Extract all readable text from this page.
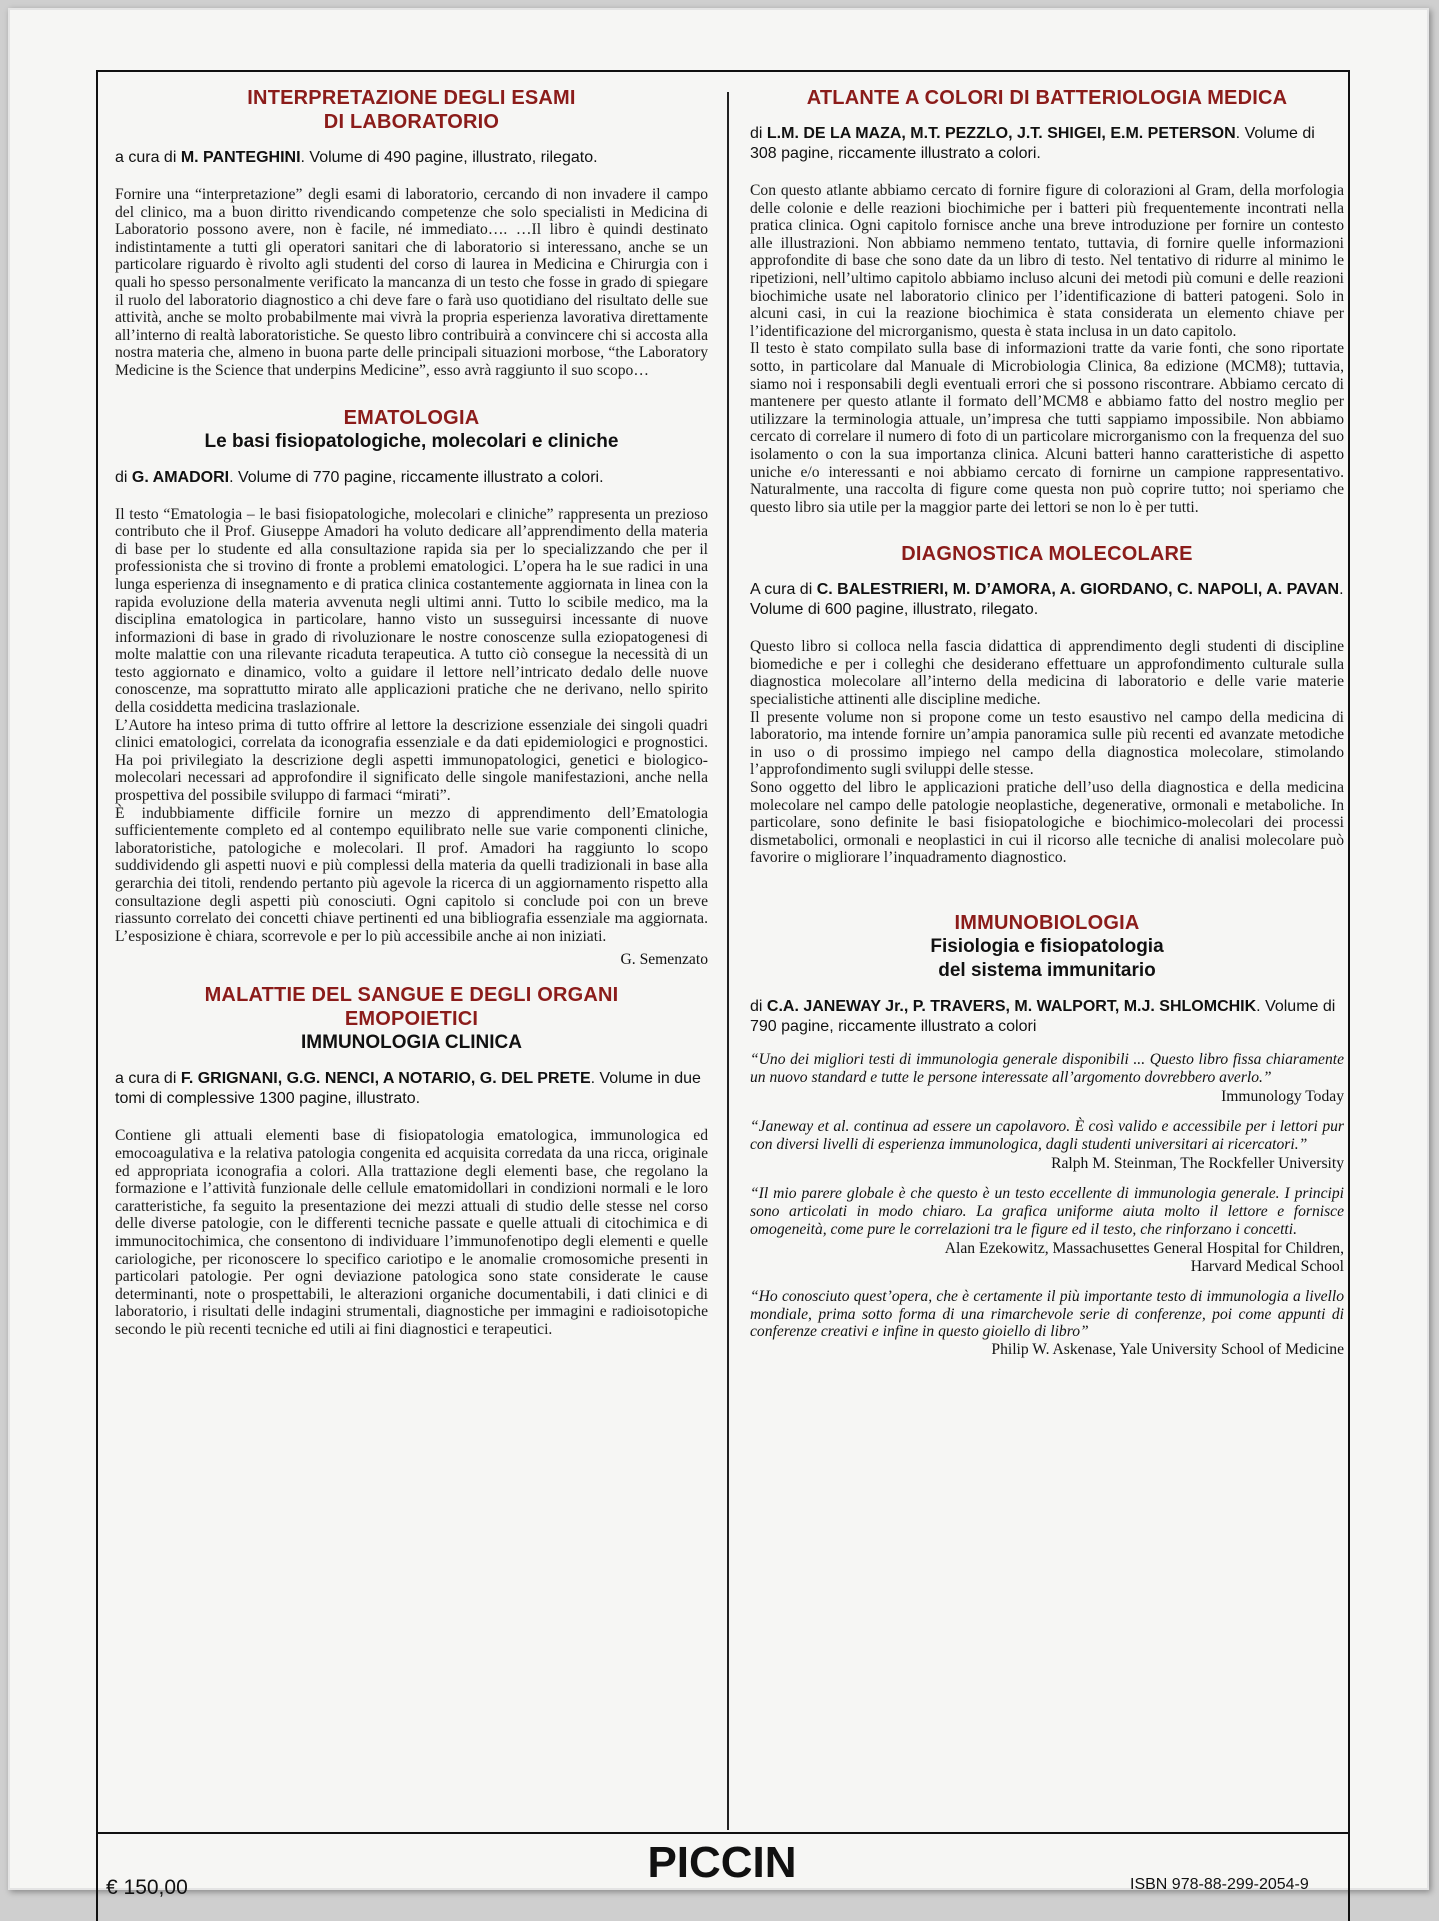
INTERPRETAZIONE DEGLI ESAMI
DI LABORATORIO
a cura di M. PANTEGHINI. Volume di 490 pagine, illustrato, rilegato.

Fornire una “interpretazione” degli esami di laboratorio, cercando di non invadere il campo del clinico, ma a buon diritto rivendicando competenze che solo specialisti in Medicina di Laboratorio possono avere, non è facile, né immediato…. …Il libro è quindi destinato indistintamente a tutti gli operatori sanitari che di laboratorio si interessano, anche se un particolare riguardo è rivolto agli studenti del corso di laurea in Medicina e Chirurgia con i quali ho spesso personalmente verificato la mancanza di un testo che fosse in grado di spiegare il ruolo del laboratorio diagnostico a chi deve fare o farà uso quotidiano del risultato delle sue attività, anche se molto probabilmente mai vivrà la propria esperienza lavorativa direttamente all’interno di realtà laboratoristiche. Se questo libro contribuirà a convincere chi si accosta alla nostra materia che, almeno in buona parte delle principali situazioni morbose, “the Laboratory Medicine is the Science that underpins Medicine”, esso avrà raggiunto il suo scopo…

EMATOLOGIA
Le basi fisiopatologiche, molecolari e cliniche
di G. AMADORI. Volume di 770 pagine, riccamente illustrato a colori.

Il testo “Ematologia – le basi fisiopatologiche, molecolari e cliniche” rappresenta un prezioso contributo che il Prof. Giuseppe Amadori ha voluto dedicare all’apprendimento della materia di base per lo studente ed alla consultazione rapida sia per lo specializzando che per il professionista che si trovino di fronte a problemi ematologici. L’opera ha le sue radici in una lunga esperienza di insegnamento e di pratica clinica costantemente aggiornata in linea con la rapida evoluzione della materia avvenuta negli ultimi anni. Tutto lo scibile medico, ma la disciplina ematologica in particolare, hanno visto un susseguirsi incessante di nuove informazioni di base in grado di rivoluzionare le nostre conoscenze sulla eziopatogenesi di molte malattie con una rilevante ricaduta terapeutica. A tutto ciò consegue la necessità di un testo aggiornato e dinamico, volto a guidare il lettore nell’intricato dedalo delle nuove conoscenze, ma soprattutto mirato alle applicazioni pratiche che ne derivano, nello spirito della cosiddetta medicina traslazionale.

L’Autore ha inteso prima di tutto offrire al lettore la descrizione essenziale dei singoli quadri clinici ematologici, correlata da iconografia essenziale e da dati epidemiologici e prognostici. Ha poi privilegiato la descrizione degli aspetti immunopatologici, genetici e biologico-molecolari necessari ad approfondire il significato delle singole manifestazioni, anche nella prospettiva del possibile sviluppo di farmaci “mirati”.

È indubbiamente difficile fornire un mezzo di apprendimento dell’Ematologia sufficientemente completo ed al contempo equilibrato nelle sue varie componenti cliniche, laboratoristiche, patologiche e molecolari. Il prof. Amadori ha raggiunto lo scopo suddividendo gli aspetti nuovi e più complessi della materia da quelli tradizionali in base alla gerarchia dei titoli, rendendo pertanto più agevole la ricerca di un aggiornamento rispetto alla consultazione degli aspetti più conosciuti. Ogni capitolo si conclude poi con un breve riassunto correlato dei concetti chiave pertinenti ed una bibliografia essenziale ma aggiornata. L’esposizione è chiara, scorrevole e per lo più accessibile anche ai non iniziati.

G. Semenzato

MALATTIE DEL SANGUE E DEGLI ORGANI
EMOPOIETICI
IMMUNOLOGIA CLINICA
a cura di F. GRIGNANI, G.G. NENCI, A NOTARIO, G. DEL PRETE. Volume in due tomi di complessive 1300 pagine, illustrato.

Contiene gli attuali elementi base di fisiopatologia ematologica, immunologica ed emocoagulativa e la relativa patologia congenita ed acquisita corredata da una ricca, originale ed appropriata iconografia a colori. Alla trattazione degli elementi base, che regolano la formazione e l’attività funzionale delle cellule ematomidollari in condizioni normali e le loro caratteristiche, fa seguito la presentazione dei mezzi attuali di studio delle stesse nel corso delle diverse patologie, con le differenti tecniche passate e quelle attuali di citochimica e di immunocitochimica, che consentono di individuare l’immunofenotipo degli elementi e quelle cariologiche, per riconoscere lo specifico cariotipo e le anomalie cromosomiche presenti in particolari patologie. Per ogni deviazione patologica sono state considerate le cause determinanti, note o prospettabili, le alterazioni organiche documentabili, i dati clinici e di laboratorio, i risultati delle indagini strumentali, diagnostiche per immagini e radioisotopiche secondo le più recenti tecniche ed utili ai fini diagnostici e terapeutici.

ATLANTE A COLORI DI BATTERIOLOGIA MEDICA
di L.M. DE LA MAZA, M.T. PEZZLO, J.T. SHIGEI, E.M. PETERSON. Volume di 308 pagine, riccamente illustrato a colori.

Con questo atlante abbiamo cercato di fornire figure di colorazioni al Gram, della morfologia delle colonie e delle reazioni biochimiche per i batteri più frequentemente incontrati nella pratica clinica. Ogni capitolo fornisce anche una breve introduzione per fornire un contesto alle illustrazioni. Non abbiamo nemmeno tentato, tuttavia, di fornire quelle informazioni approfondite di base che sono date da un libro di testo. Nel tentativo di ridurre al minimo le ripetizioni, nell’ultimo capitolo abbiamo incluso alcuni dei metodi più comuni e delle reazioni biochimiche usate nel laboratorio clinico per l’identificazione di batteri patogeni. Solo in alcuni casi, in cui la reazione biochimica è stata considerata un elemento chiave per l’identificazione del microrganismo, questa è stata inclusa in un dato capitolo.

Il testo è stato compilato sulla base di informazioni tratte da varie fonti, che sono riportate sotto, in particolare dal Manuale di Microbiologia Clinica, 8a edizione (MCM8); tuttavia, siamo noi i responsabili degli eventuali errori che si possono riscontrare. Abbiamo cercato di mantenere per questo atlante il formato dell’MCM8 e abbiamo fatto del nostro meglio per utilizzare la terminologia attuale, un’impresa che tutti sappiamo impossibile. Non abbiamo cercato di correlare il numero di foto di un particolare microrganismo con la frequenza del suo isolamento o con la sua importanza clinica. Alcuni batteri hanno caratteristiche di aspetto uniche e/o interessanti e noi abbiamo cercato di fornirne un campione rappresentativo. Naturalmente, una raccolta di figure come questa non può coprire tutto; noi speriamo che questo libro sia utile per la maggior parte dei lettori se non lo è per tutti.

DIAGNOSTICA MOLECOLARE
A cura di C. BALESTRIERI, M. D’AMORA, A. GIORDANO, C. NAPOLI, A. PAVAN. Volume di 600 pagine, illustrato, rilegato.

Questo libro si colloca nella fascia didattica di apprendimento degli studenti di discipline biomediche e per i colleghi che desiderano effettuare un approfondimento culturale sulla diagnostica molecolare all’interno della medicina di laboratorio e delle varie materie specialistiche attinenti alle discipline mediche.

Il presente volume non si propone come un testo esaustivo nel campo della medicina di laboratorio, ma intende fornire un’ampia panoramica sulle più recenti ed avanzate metodiche in uso o di prossimo impiego nel campo della diagnostica molecolare, stimolando l’approfondimento sugli sviluppi delle stesse.

Sono oggetto del libro le applicazioni pratiche dell’uso della diagnostica e della medicina molecolare nel campo delle patologie neoplastiche, degenerative, ormonali e metaboliche. In particolare, sono definite le basi fisiopatologiche e biochimico-molecolari dei processi dismetabolici, ormonali e neoplastici in cui il ricorso alle tecniche di analisi molecolare può favorire o migliorare l’inquadramento diagnostico.

IMMUNOBIOLOGIA
Fisiologia e fisiopatologia
del sistema immunitario
di C.A. JANEWAY Jr., P. TRAVERS, M. WALPORT, M.J. SHLOMCHIK. Volume di 790 pagine, riccamente illustrato a colori

“Uno dei migliori testi di immunologia generale disponibili ... Questo libro fissa chiaramente un nuovo standard e tutte le persone interessate all’argomento dovrebbero averlo.”

Immunology Today

“Janeway et al. continua ad essere un capolavoro. È così valido e accessibile per i lettori pur con diversi livelli di esperienza immunologica, dagli studenti universitari ai ricercatori.”

Ralph M. Steinman, The Rockfeller University

“Il mio parere globale è che questo è un testo eccellente di immunologia generale. I principi sono articolati in modo chiaro. La grafica uniforme aiuta molto il lettore e fornisce omogeneità, come pure le correlazioni tra le figure ed il testo, che rinforzano i concetti.

Alan Ezekowitz, Massachusettes General Hospital for Children,
Harvard Medical School

“Ho conosciuto quest’opera, che è certamente il più importante testo di immunologia a livello mondiale, prima sotto forma di una rimarchevole serie di conferenze, poi come appunti di conferenze creativi e infine in questo gioiello di libro”

Philip W. Askenase, Yale University School of Medicine

PICCIN
€ 150,00	ISBN 978-88-299-2054-9
